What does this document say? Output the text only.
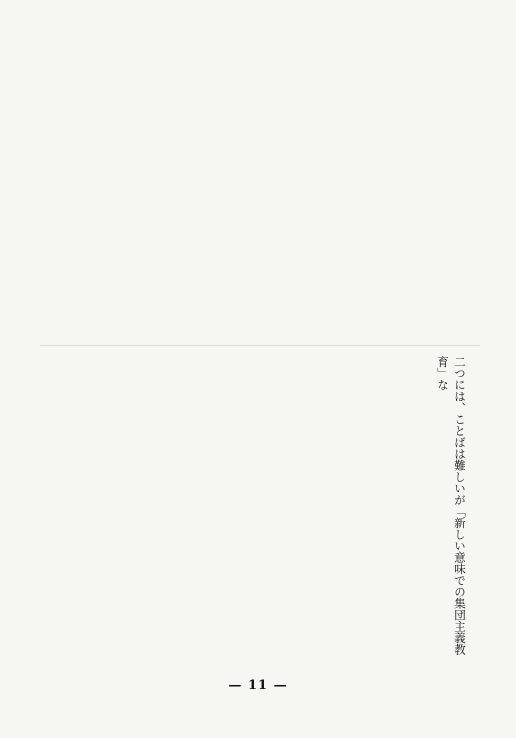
二つには、ことばは難しいが「新しい意味での集団主義教育」な
— 11 —
